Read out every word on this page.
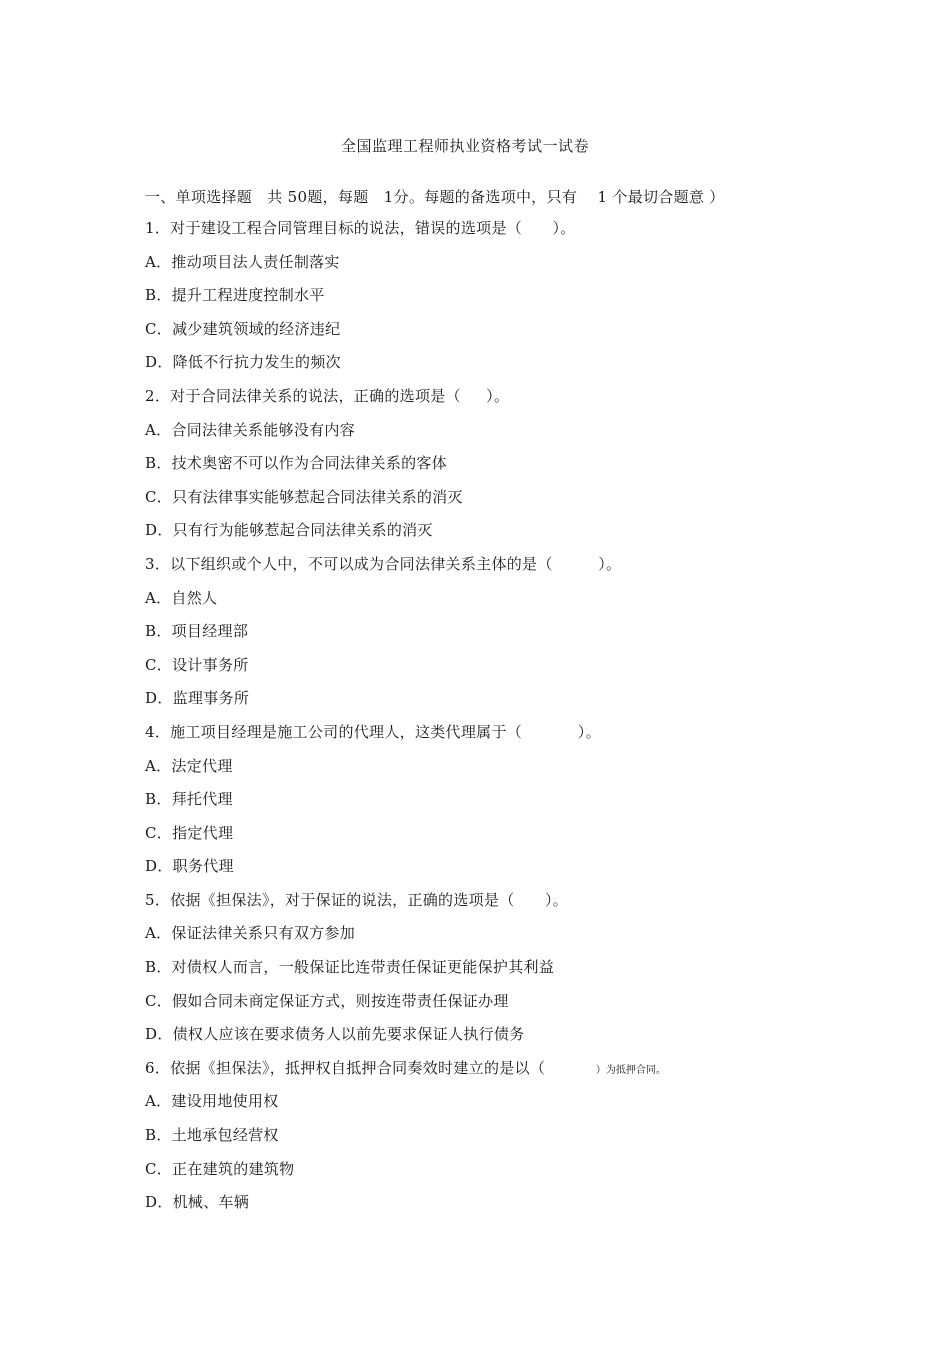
全国监理工程师执业资格考试一试卷
一、单项选择题   共 50题，每题   1分。每题的备选项中，只有    1 个最切合题意 ）
1．对于建设工程合同管理目标的说法，错误的选项是（      ）。
A．推动项目法人责任制落实
B．提升工程进度控制水平
C．减少建筑领域的经济违纪
D．降低不行抗力发生的频次
2．对于合同法律关系的说法，正确的选项是（     ）。
A．合同法律关系能够没有内容
B．技术奥密不可以作为合同法律关系的客体
C．只有法律事实能够惹起合同法律关系的消灭
D．只有行为能够惹起合同法律关系的消灭
3．以下组织或个人中，不可以成为合同法律关系主体的是（         ）。
A．自然人
B．项目经理部
C．设计事务所
D．监理事务所
4．施工项目经理是施工公司的代理人，这类代理属于（           ）。
A．法定代理
B．拜托代理
C．指定代理
D．职务代理
5．依据《担保法》，对于保证的说法，正确的选项是（      ）。
A．保证法律关系只有双方参加
B．对债权人而言，一般保证比连带责任保证更能保护其利益
C．假如合同未商定保证方式，则按连带责任保证办理
D．债权人应该在要求债务人以前先要求保证人执行债务
6．依据《担保法》，抵押权自抵押合同奏效时建立的是以（          ）为抵押合同。
A．建设用地使用权
B．土地承包经营权
C．正在建筑的建筑物
D．机械、车辆
